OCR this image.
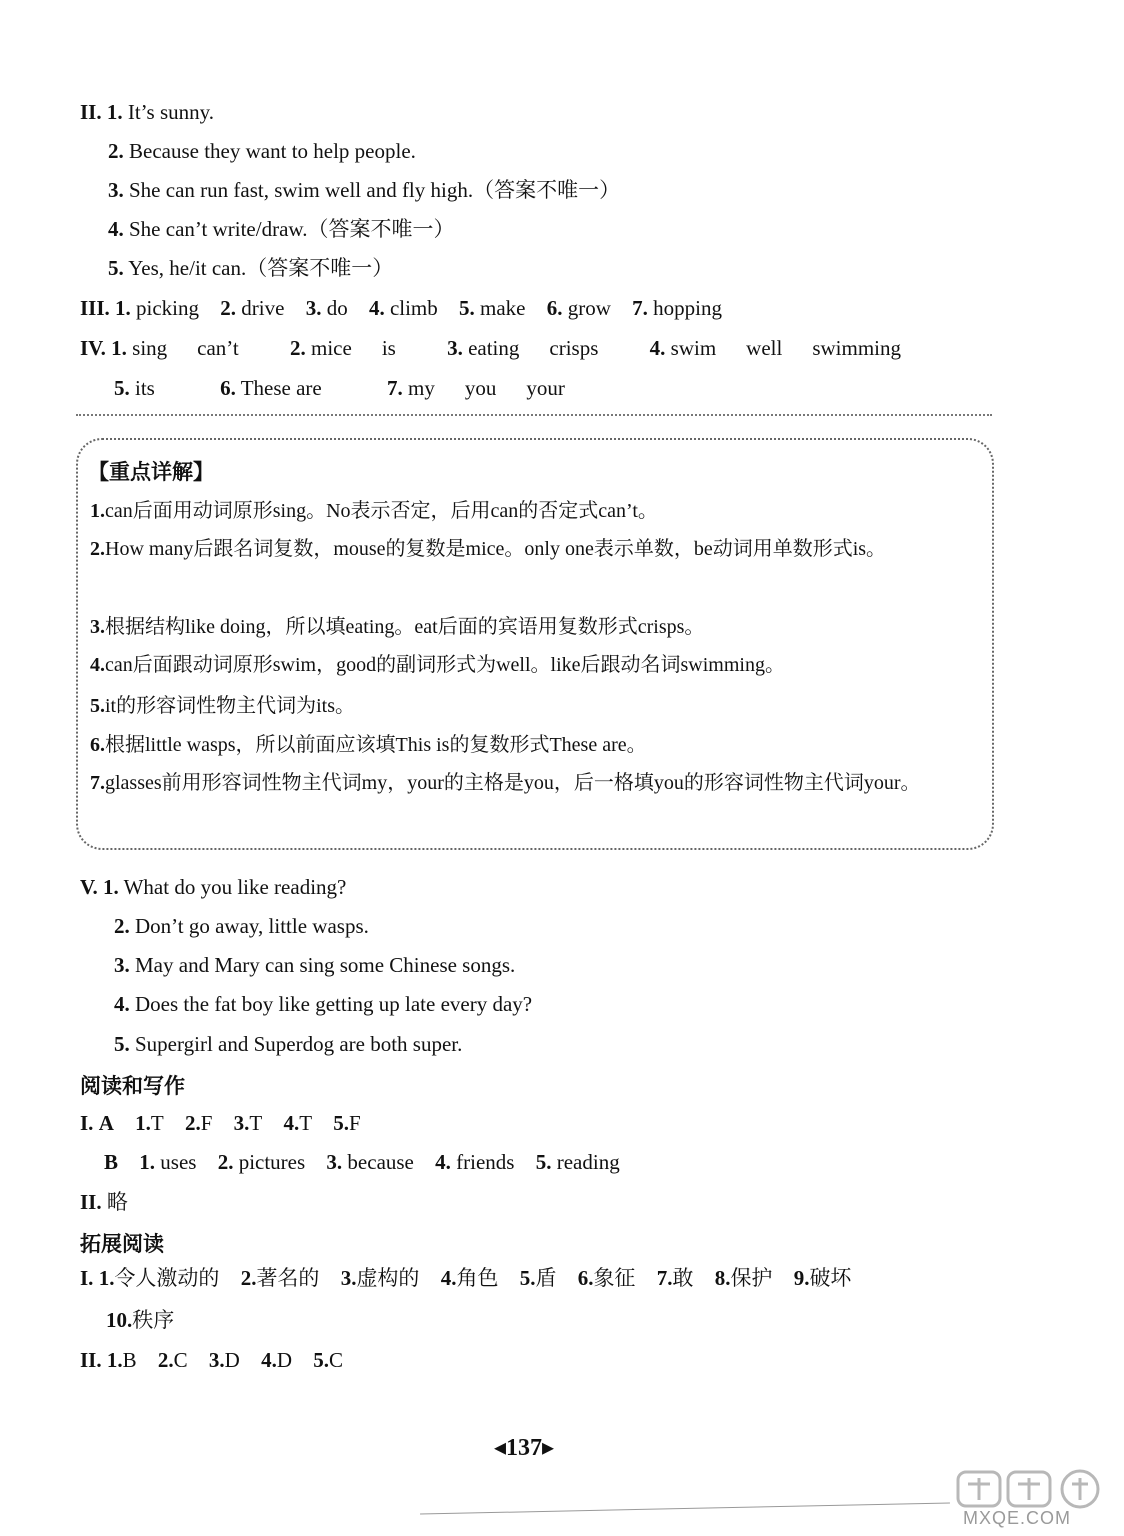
II. 1. It’s sunny.
2. Because they want to help people.
3. She can run fast, swim well and fly high.（答案不唯一）
4. She can’t write/draw.（答案不唯一）
5. Yes, he/it can.（答案不唯一）
III. 1. picking 2. drive 3. do 4. climb 5. make 6. grow 7. hopping
IV. 1. sing can’t 2. mice is 3. eating crisps 4. swim well swimming
5. its	6. These are	7. my you your
【重点详解】
1.can后面用动词原形sing。No表示否定，后用can的否定式can’t。
2.How many后跟名词复数，mouse的复数是mice。only one表示单数，be动词用单数形式is。
3.根据结构like doing，所以填eating。eat后面的宾语用复数形式crisps。
4.can后面跟动词原形swim，good的副词形式为well。like后跟动名词swimming。
5.it的形容词性物主代词为its。
6.根据little wasps，所以前面应该填This is的复数形式These are。
7.glasses前用形容词性物主代词my，your的主格是you，后一格填you的形容词性物主代词your。
V. 1. What do you like reading?
2. Don’t go away, little wasps.
3. May and Mary can sing some Chinese songs.
4. Does the fat boy like getting up late every day?
5. Supergirl and Superdog are both super.
阅读和写作
I. A 1.T 2.F 3.T 4.T 5.F
B 1. uses 2. pictures 3. because 4. friends 5. reading
II. 略
拓展阅读
I. 1.令人激动的 2.著名的 3.虚构的 4.角色 5.盾 6.象征 7.敢 8.保护 9.破坏
10.秩序
II. 1.B 2.C 3.D 4.D 5.C
◂137▸
MXQE.COM
